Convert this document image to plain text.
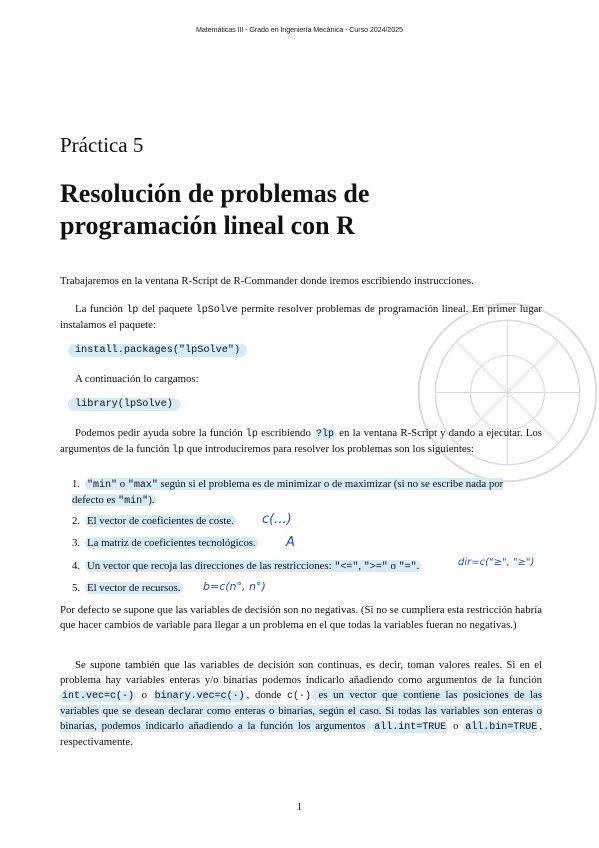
Matemáticas III - Grado en Ingeniería Mecánica - Curso 2024/2025
Práctica 5
Resolución de problemas de
programación lineal con R
Trabajaremos en la ventana R-Script de R-Commander donde iremos escribiendo instrucciones.
La función lp del paquete lpSolve permite resolver problemas de programación lineal. En primer lugar instalamos el paquete:
install.packages("lpSolve")
A continuación lo cargamos:
library(lpSolve)
Podemos pedir ayuda sobre la función lp escribiendo ?lp en la ventana R-Script y dando a ejecutar. Los argumentos de la función lp que introduciremos para resolver los problemas son los siguientes:
1. "min" o "max" según si el problema es de minimizar o de maximizar (si no se escribe nada por defecto es "min").
2. El vector de coeficientes de coste.
3. La matriz de coeficientes tecnológicos.
4. Un vector que recoja las direcciones de las restricciones: "<=", ">=" o "=".
5. El vector de recursos.
c(...)
A
dir=c("≥", "≥")
b=c(n°, n°)
Por defecto se supone que las variables de decisión son no negativas. (Si no se cumpliera esta restricción habría que hacer cambios de variable para llegar a un problema en el que todas la variables fueran no negativas.)
Se supone también que las variables de decisión son continuas, es decir, toman valores reales. Si en el problema hay variables enteras y/o binarias podemos indicarlo añadiendo como argumentos de la función int.vec=c(·) o binary.vec=c(·) , donde c(·) es un vector que contiene las posiciones de las variables que se desean declarar como enteras o binarias, según el caso. Si todas las variables son enteras o binarias, podemos indicarlo añadiendo a la función los argumentos all.int=TRUE o all.bin=TRUE , respectivamente.
1
